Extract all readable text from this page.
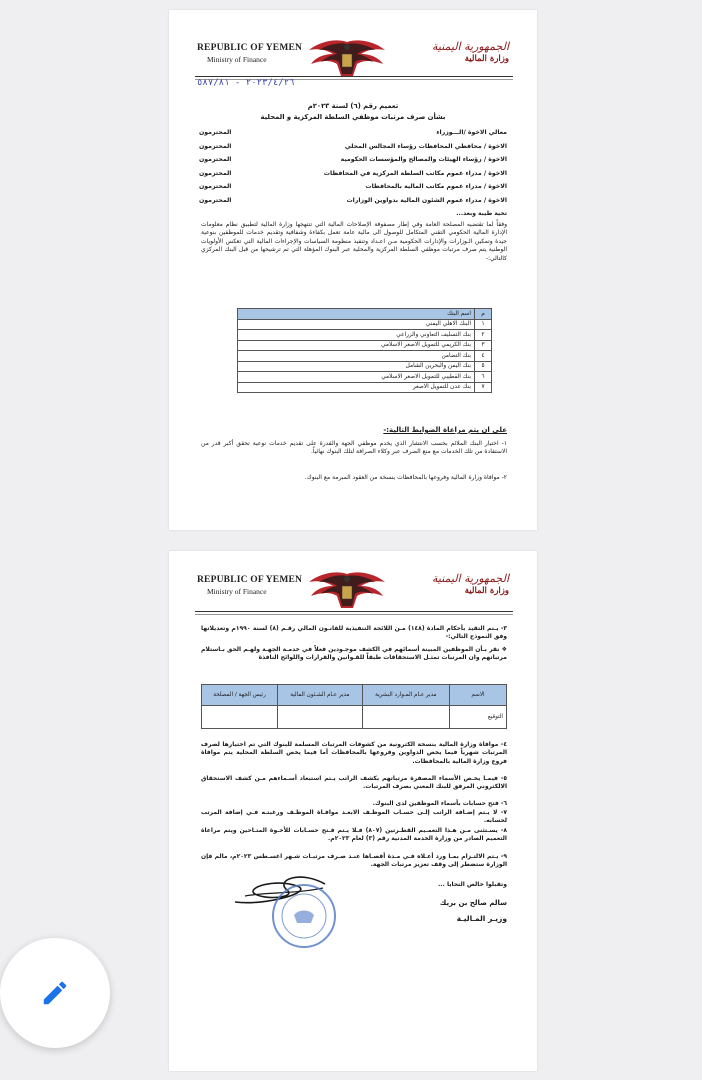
REPUBLIC OF YEMEN
Ministry of Finance
الجمهورية اليمنية
وزارة المالية
٢٠٢٣/٤/٢٦ - ٥٨٧/٨١
تعميم رقم (٦) لسنة ٢٠٢٣م
بشأن صرف مرتبات موظفي السلطة المركزية و المحلية
معالي الاخوة /الـــوزراء
المحترمون
الاخوة / محافظي المحافظات رؤساء المجالس المحلي
المحترمون
الاخوة / رؤساء الهيئات والمصالح والمؤسسات الحكومية
المحترمون
الاخوة / مدراء عموم مكاتب السلطة المركزية في المحافظات
المحترمون
الاخوة / مدراء عموم مكاتب المالية بالمحافظات
المحترمون
الاخوة / مدراء عموم الشئون المالية بدواوين الوزارات
المحترمون
تحية طيبة وبعد...
وفقاً لما تقتضيه المصلحة العامة وفي إطار مصفوفة الإصلاحات المالية التي تنتهجها وزارة المالية لتطبيق نظام معلومات الإدارة المالية الحكومي التقني المتكامل للوصول الى مالية عامة تعمل بكفاءة وشفافية وتقديم خدمات للموظفين بنوعية جيدة وتمكين الـوزارات والإدارات الحكومية مـن اعـداد وتنفيذ منظومة السياسات والإجراءات المالية التي تعكس الأولويات الوطنية يتم صرف مرتبات موظفي السلطة المركزية والمحلية عبر البنوك المؤهلة التي تم ترشيحها من قبل البنك المركزي كالتالي:-
م	اسم البنك
١	البنك الاهلي اليمني
٢	بنك التسليف التعاوني والزراعي
٣	بنك الكريمي للتمويل الاصغر الاسلامي
٤	بنك التضامن
٥	بنك اليمن والبحرين الشامل
٦	بنك القطيبي للتمويل الاصغر الاسلامي
٧	بنك عدن للتمويل الاصغر
على ان يتم مراعاة الضوابط التالية:-
١- اختيار البنك الملائم بحسب الانتشار الذي يخدم موظفي الجهة والقدرة على تقديم خدمات نوعية تحقق أكبر قدر من الاستفادة من تلك الخدمات مع منع الصرف عبر وكلاء الصرافة لتلك البنوك نهائياً.
٢- موافاة وزارة المالية وفروعها بالمحافظات بنسخة من العقود المبرمة مع البنوك.
REPUBLIC OF YEMEN
Ministry of Finance
الجمهورية اليمنية
وزارة المالية
٣- يـتم التقيد بأحكام المادة (١٤٨) مـن اللائحة التنفيذية للقانـون المالي رقـم (٨) لسنة ١٩٩٠م وتعديلاتها وفق النموذج التالي:-
❖ نقر بـأن الموظفين المبينة أسمائهم في الكشف موجـودين فعلاً في خدمـة الجهـة ولهـم الحق بـاستلام مرتباتهم وان المرتبات تمثـل الاستحقاقات طبقاً للقـوانين والقرارات واللوائح النافذة
الاسم	مدير عـام المـوارد البشرية	مدير عـام الشـئون المالية	رئيس الجهة / المصلحة
التوقيع			
٤- موافاة وزارة المالية بنسخة الكترونية من كشوفات المرتبات المسلمة للبنوك التي تم اختيارها لصرف المرتبات شهرياً فيما يخص الدواوين وفروعها بالمحافظات أما فيما يخص السلطة المحلية يتم موافاة فروع وزارة المالية بالمحافظات.
٥- فيمـا يخـص الأسماء المصفرة مرتباتهم بكشف الراتب يـتم استبعاد أسـماءهم مـن كشف الاستحقاق الالكتروني المرفق للبنك المعني بصرف المرتبات.
٦- فتح حسابات بأسماء الموظفين لدى البنوك.
٧- لا يـتم إضـافة الراتب إلـى حسـاب الموظـف الابعـد موافـاة الموظـف ورغبتـه فـي إضافة المرتب لحسابه.
٨- يسـتثنى مـن هـذا التعمـيم القطـرتين (٨٠٧) فـلا يـتم فـتح حسـابات للأخـوة المتـاحين ويتم مراعاة التعميم الصادر من وزارة الخدمة المدنية رقم (٣) لعام ٢٠٢٣م.
٩- يـتم الالتـزام بمـا ورد أعـلاه فـي مـدة أقصـاها عنـد صـرف مرتبـات شـهر اغسـطس ٢٠٢٣م، مالم فإن الوزارة ستضطر إلى وقف تعزيز مرتبات الجهة.
وتقبلوا خالص التحايا ...
سالم صالح بن بريك
وزيـر المـاليـة
